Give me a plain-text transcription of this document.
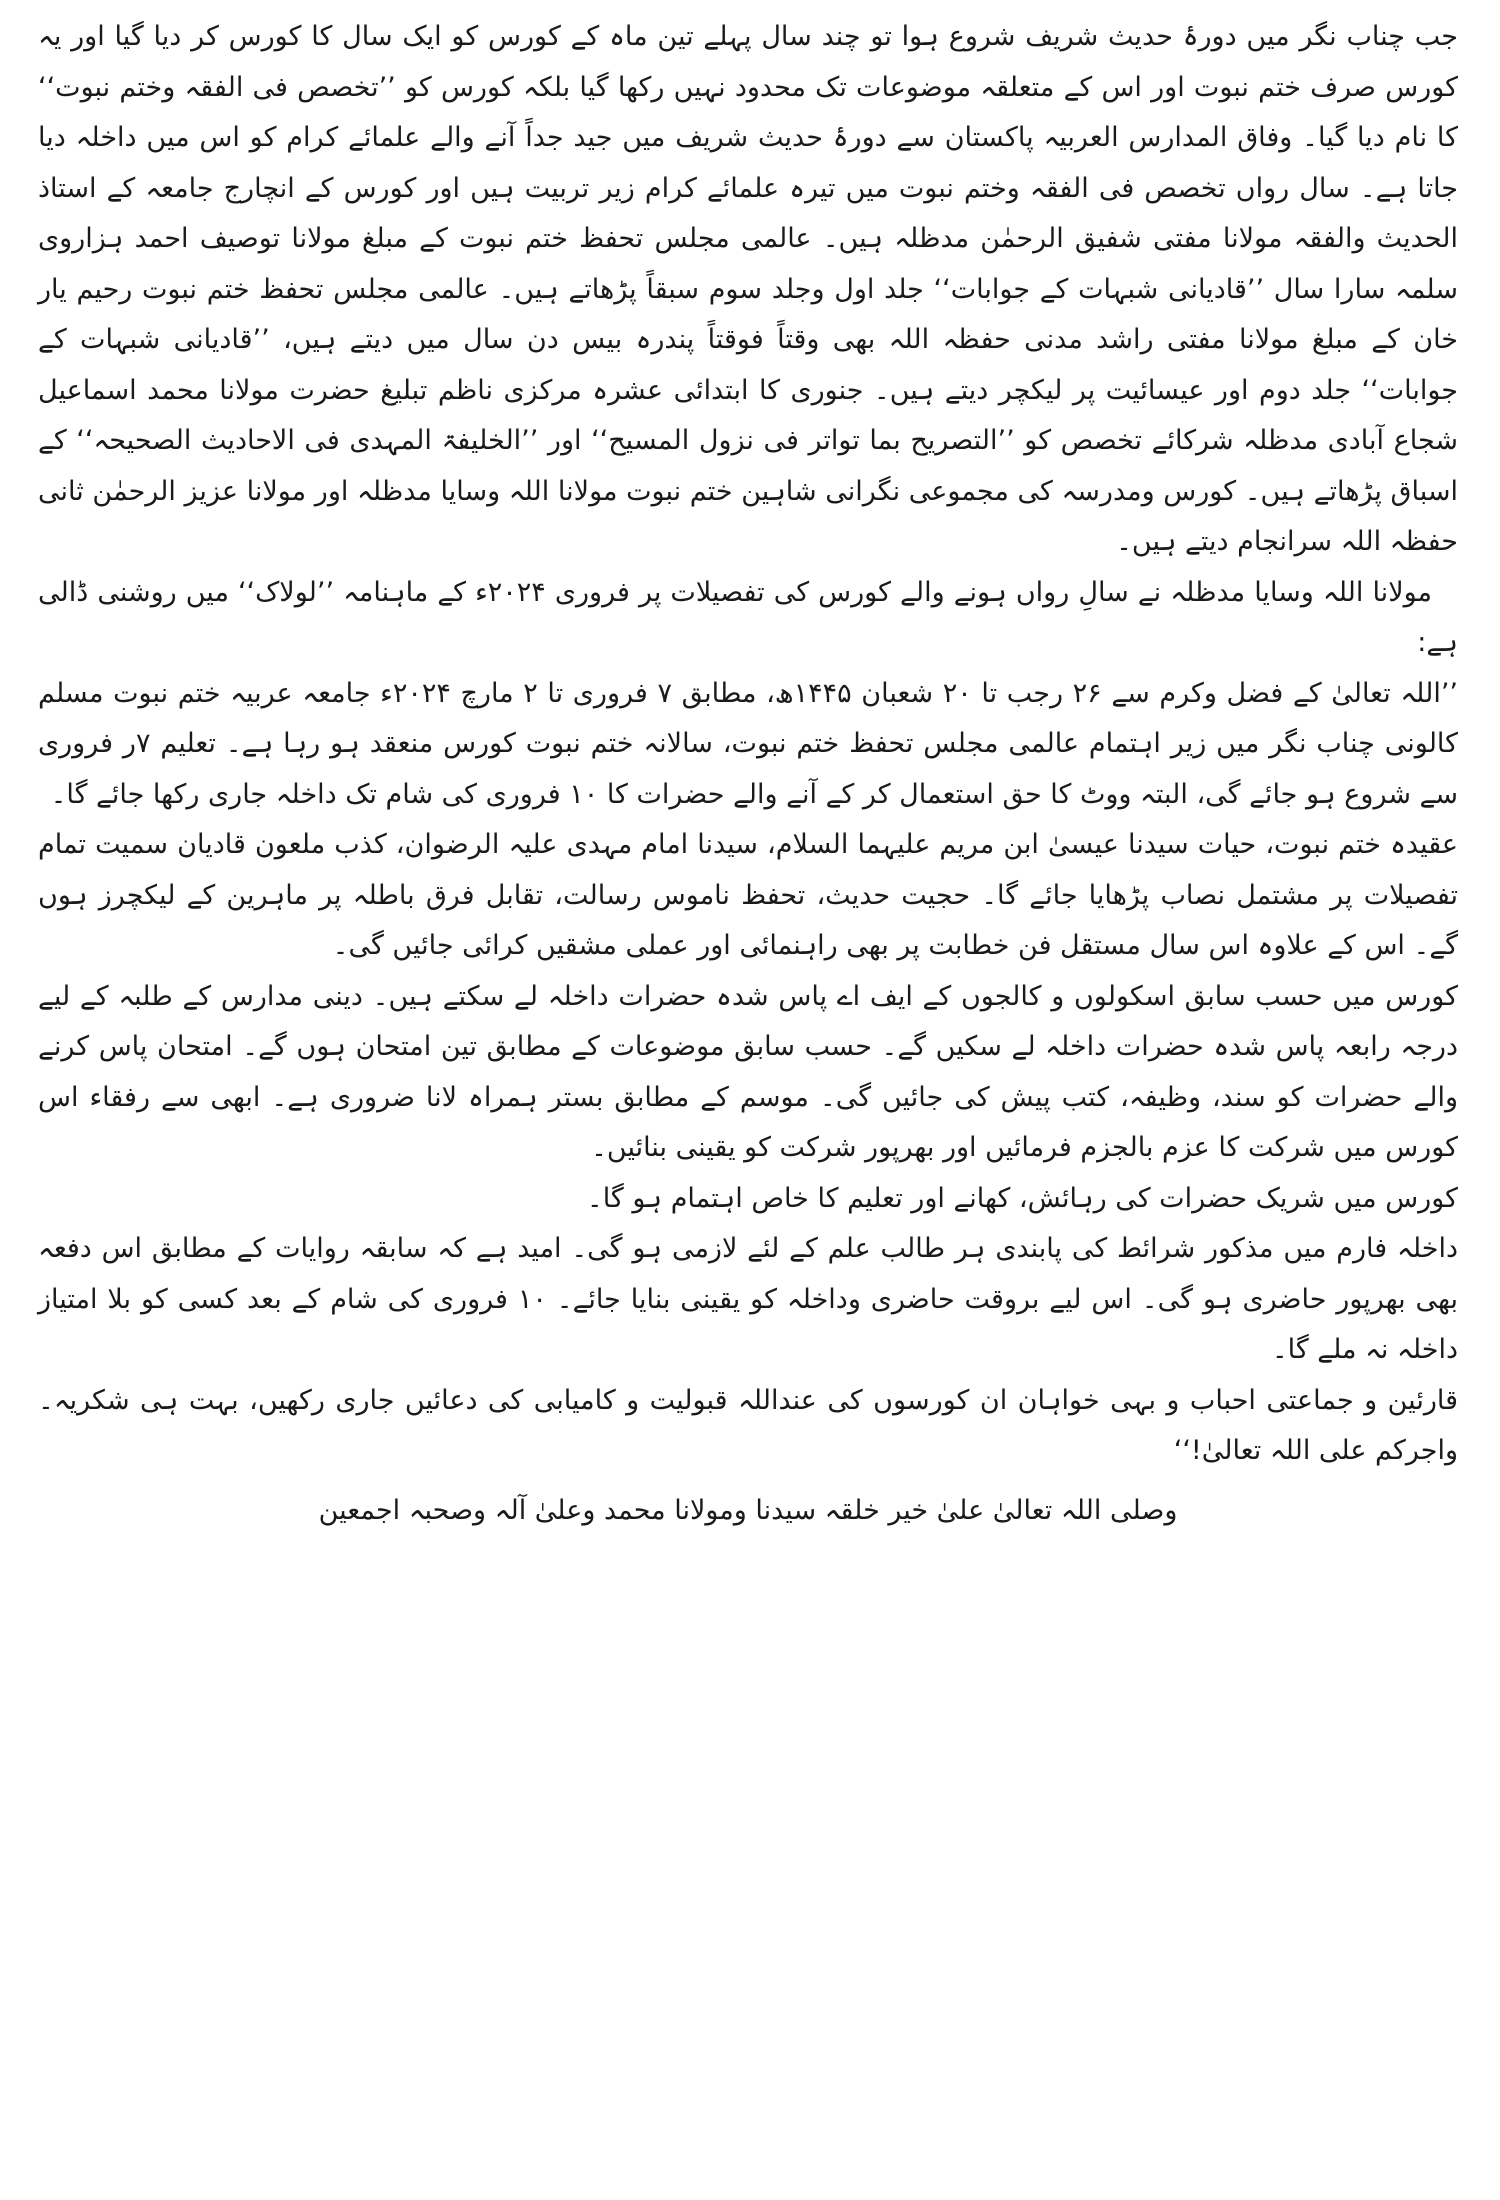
جب چناب نگر میں دورۂ حدیث شریف شروع ہوا تو چند سال پہلے تین ماہ کے کورس کو ایک سال کا کورس کر دیا گیا اور یہ کورس صرف ختم نبوت اور اس کے متعلقہ موضوعات تک محدود نہیں رکھا گیا بلکہ کورس کو ’’تخصص فی الفقہ وختم نبوت‘‘ کا نام دیا گیا۔ وفاق المدارس العربیہ پاکستان سے دورۂ حدیث شریف میں جید جداً آنے والے علمائے کرام کو اس میں داخلہ دیا جاتا ہے۔ سال رواں تخصص فی الفقہ وختم نبوت میں تیرہ علمائے کرام زیر تربیت ہیں اور کورس کے انچارج جامعہ کے استاذ الحدیث والفقہ مولانا مفتی شفیق الرحمٰن مدظلہ ہیں۔ عالمی مجلس تحفظ ختم نبوت کے مبلغ مولانا توصیف احمد ہزاروی سلمہ سارا سال ’’قادیانی شبہات کے جوابات‘‘ جلد اول وجلد سوم سبقاً پڑھاتے ہیں۔ عالمی مجلس تحفظ ختم نبوت رحیم یار خان کے مبلغ مولانا مفتی راشد مدنی حفظہ اللہ بھی وقتاً فوقتاً پندرہ بیس دن سال میں دیتے ہیں، ’’قادیانی شبہات کے جوابات‘‘ جلد دوم اور عیسائیت پر لیکچر دیتے ہیں۔ جنوری کا ابتدائی عشرہ مرکزی ناظم تبلیغ حضرت مولانا محمد اسماعیل شجاع آبادی مدظلہ شرکائے تخصص کو ’’التصریح بما تواتر فی نزول المسیح‘‘ اور ’’الخلیفۃ المہدی فی الاحادیث الصحیحہ‘‘ کے اسباق پڑھاتے ہیں۔ کورس ومدرسہ کی مجموعی نگرانی شاہین ختم نبوت مولانا اللہ وسایا مدظلہ اور مولانا عزیز الرحمٰن ثانی حفظہ اللہ سرانجام دیتے ہیں۔

مولانا اللہ وسایا مدظلہ نے سالِ رواں ہونے والے کورس کی تفصیلات پر فروری ۲۰۲۴ء کے ماہنامہ ’’لولاک‘‘ میں روشنی ڈالی ہے:

’’اللہ تعالیٰ کے فضل وکرم سے ۲۶ رجب تا ۲۰ شعبان ۱۴۴۵ھ، مطابق ۷ فروری تا ۲ مارچ ۲۰۲۴ء جامعہ عربیہ ختم نبوت مسلم کالونی چناب نگر میں زیر اہتمام عالمی مجلس تحفظ ختم نبوت، سالانہ ختم نبوت کورس منعقد ہو رہا ہے۔ تعلیم ۷ر فروری سے شروع ہو جائے گی، البتہ ووٹ کا حق استعمال کر کے آنے والے حضرات کا ۱۰ فروری کی شام تک داخلہ جاری رکھا جائے گا۔

عقیدہ ختم نبوت، حیات سیدنا عیسیٰ ابن مریم علیہما السلام، سیدنا امام مہدی علیہ الرضوان، کذب ملعون قادیان سمیت تمام تفصیلات پر مشتمل نصاب پڑھایا جائے گا۔ حجیت حدیث، تحفظ ناموس رسالت، تقابل فرق باطلہ پر ماہرین کے لیکچرز ہوں گے۔ اس کے علاوہ اس سال مستقل فن خطابت پر بھی راہنمائی اور عملی مشقیں کرائی جائیں گی۔

کورس میں حسب سابق اسکولوں و کالجوں کے ایف اے پاس شدہ حضرات داخلہ لے سکتے ہیں۔ دینی مدارس کے طلبہ کے لیے درجہ رابعہ پاس شدہ حضرات داخلہ لے سکیں گے۔ حسب سابق موضوعات کے مطابق تین امتحان ہوں گے۔ امتحان پاس کرنے والے حضرات کو سند، وظیفہ، کتب پیش کی جائیں گی۔ موسم کے مطابق بستر ہمراہ لانا ضروری ہے۔ ابھی سے رفقاء اس کورس میں شرکت کا عزم بالجزم فرمائیں اور بھرپور شرکت کو یقینی بنائیں۔

کورس میں شریک حضرات کی رہائش، کھانے اور تعلیم کا خاص اہتمام ہو گا۔

داخلہ فارم میں مذکور شرائط کی پابندی ہر طالب علم کے لئے لازمی ہو گی۔ امید ہے کہ سابقہ روایات کے مطابق اس دفعہ بھی بھرپور حاضری ہو گی۔ اس لیے بروقت حاضری وداخلہ کو یقینی بنایا جائے۔ ۱۰ فروری کی شام کے بعد کسی کو بلا امتیاز داخلہ نہ ملے گا۔

قارئین و جماعتی احباب و بہی خواہان ان کورسوں کی عنداللہ قبولیت و کامیابی کی دعائیں جاری رکھیں، بہت ہی شکریہ۔ واجرکم علی اللہ تعالیٰ!‘‘

وصلی اللہ تعالیٰ علیٰ خیر خلقہ سیدنا ومولانا محمد وعلیٰ آلہ وصحبہ اجمعین
